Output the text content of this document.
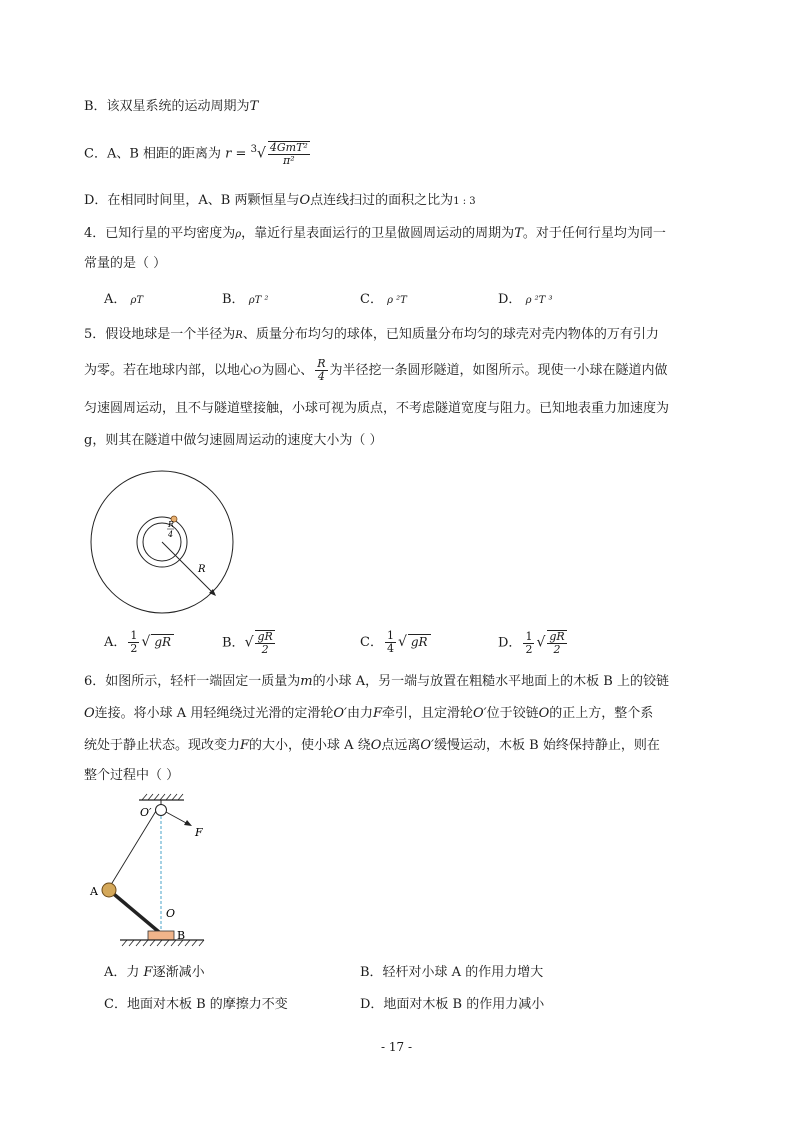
B．该双星系统的运动周期为T
C．A、B 相距的距离为 $r = ^3√ \frac{\text{4GmT²}}{\text{π²}}$
D．在相同时间里，A、B 两颗恒星与O点连线扫过的面积之比为1 : 3
4．已知行星的平均密度为ρ，靠近行星表面运行的卫星做圆周运动的周期为T。对于任何行星均为同一
常量的是（ ）
A． ρT	B． ρT ²	C． ρ ²T	D． ρ ²T ³
5．假设地球是一个半径为R、质量分布均匀的球体，已知质量分布均匀的球壳对壳内物体的万有引力
为零。若在地球内部，以地心O为圆心、 $\frac{R}{4}$ 为半径挖一条圆形隧道，如图所示。现使一小球在隧道内做
匀速圆周运动，且不与隧道壁接触，小球可视为质点，不考虑隧道宽度与阻力。已知地表重力加速度为
g，则其在隧道中做匀速圆周运动的速度大小为（ ）
R
R
4
A． $\frac{1}{2}$ √ gR	B．√ $\frac{gR}{2}$	C． $\frac{1}{4}$ √ gR	D． $\frac{1}{2}$ √ $\frac{gR}{2}$
6．如图所示，轻杆一端固定一质量为m的小球 A，另一端与放置在粗糙水平地面上的木板 B 上的铰链
O连接。将小球 A 用轻绳绕过光滑的定滑轮O′由力F牵引，且定滑轮O′位于铰链O的正上方，整个系
统处于静止状态。现改变力F的大小，使小球 A 绕O点远离O′缓慢运动，木板 B 始终保持静止，则在
整个过程中（ ）
O′
F
A
O
B
A．力 F逐渐减小	B．轻杆对小球 A 的作用力增大
C．地面对木板 B 的摩擦力不变	D．地面对木板 B 的作用力减小
- 17 -
